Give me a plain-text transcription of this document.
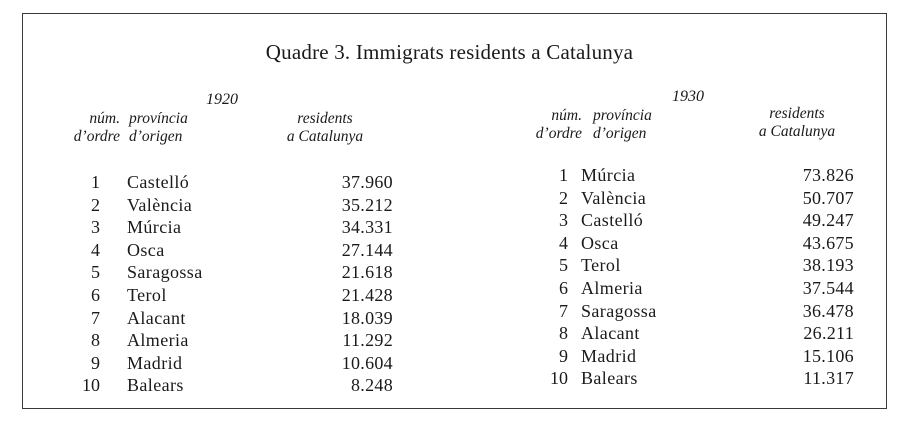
Quadre 3. Immigrats residents a Catalunya
1920
núm.
d’ordre
província
d’origen
residents
a Catalunya
1 Castelló	37.960
2 València	35.212
3 Múrcia	34.331
4 Osca	27.144
5 Saragossa	21.618
6 Terol	21.428
7 Alacant	18.039
8 Almeria	11.292
9 Madrid	10.604
10 Balears	8.248
1930
núm.
d’ordre
província
d’origen
residents
a Catalunya
1 Múrcia	73.826
2 València	50.707
3 Castelló	49.247
4 Osca	43.675
5 Terol	38.193
6 Almeria	37.544
7 Saragossa	36.478
8 Alacant	26.211
9 Madrid	15.106
10 Balears	11.317
